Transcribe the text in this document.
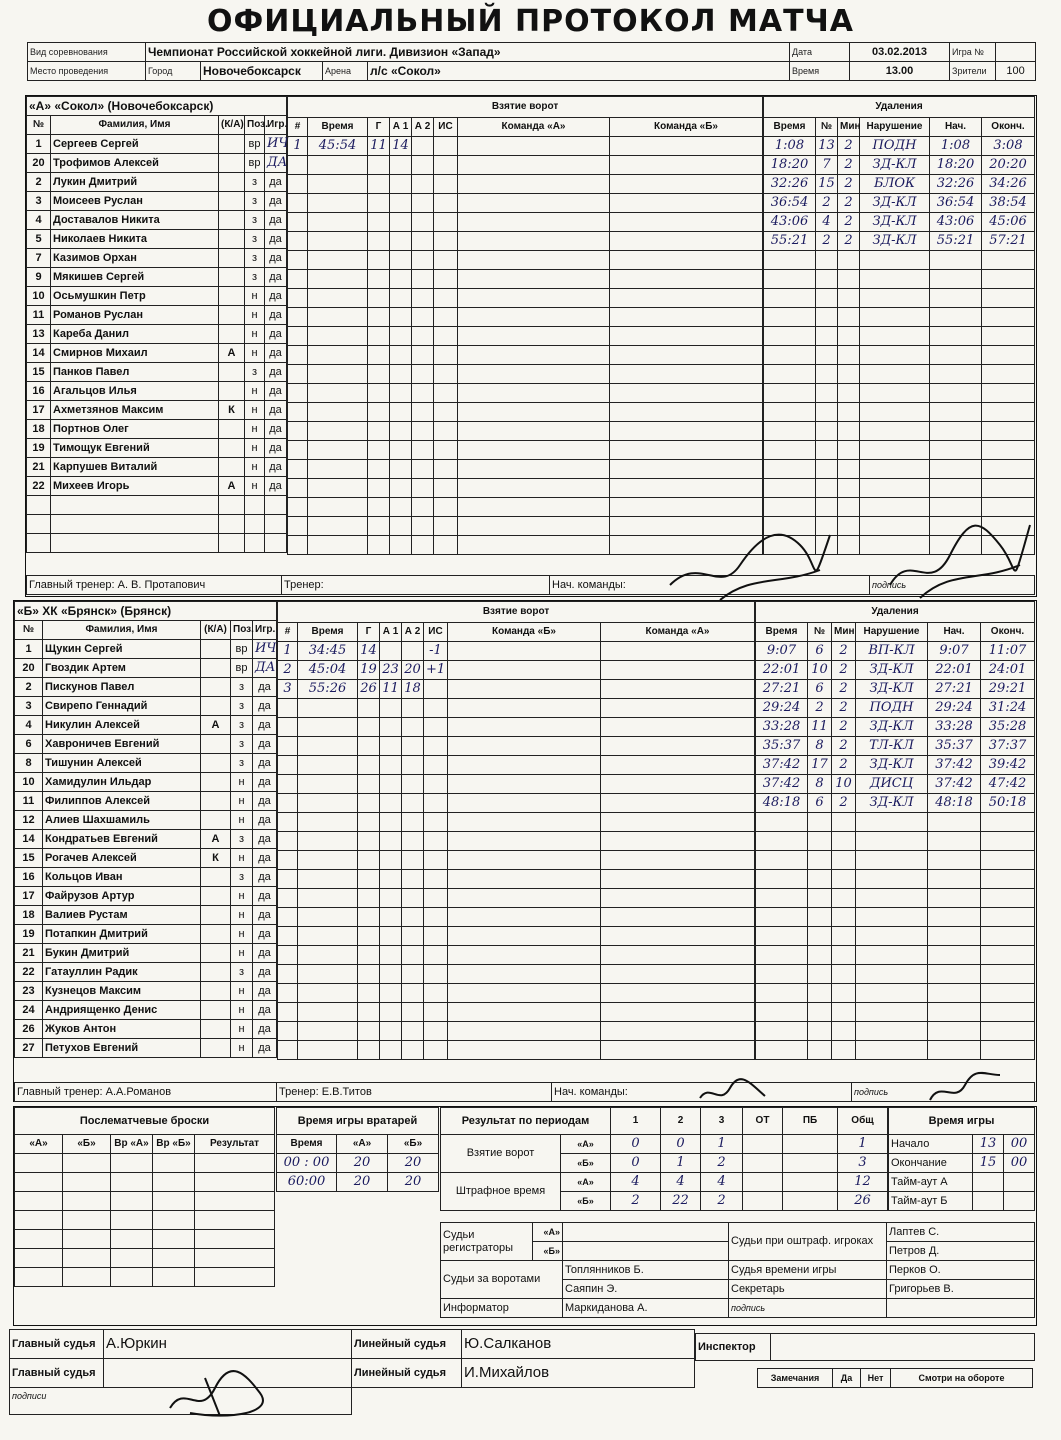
ОФИЦИАЛЬНЫЙ ПРОТОКОЛ МАТЧА
Вид соревнования	Чемпионат Российской хоккейной лиги. Дивизион «Запад»				Дата	03.02.2013	Игра №	
Место проведения	Город	Новочебоксарск	Арена	л/с «Сокол»	Время	13.00	Зрители	100
«А» «Сокол» (Новочебоксарск)				
№	Фамилия, Имя	(К/А)	Поз.	Игр.
1	Сергеев Сергей		вр	ИЧ
20	Трофимов Алексей		вр	ДА
2	Лукин Дмитрий		з	да
3	Моисеев Руслан		з	да
4	Доставалов Никита		з	да
5	Николаев Никита		з	да
7	Казимов Орхан		з	да
9	Мякишев Сергей		з	да
10	Осьмушкин Петр		н	да
11	Романов Руслан		н	да
13	Кареба Данил		н	да
14	Смирнов Михаил	А	н	да
15	Панков Павел		з	да
16	Агальцов Илья		н	да
17	Ахметзянов Максим	К	н	да
18	Портнов Олег		н	да
19	Тимощук Евгений		н	да
21	Карпушев Виталий		н	да
22	Михеев Игорь	А	н	да

Взятие ворот							
#	Время	Г	А 1	А 2	ИС	Команда «А»	Команда «Б»
1	45:54	11	14				

Удаления					
Время	№	Мин	Нарушение	Нач.	Оконч.
1:08	13	2	ПОДН	1:08	3:08
18:20	7	2	ЗД-КЛ	18:20	20:20
32:26	15	2	БЛОК	32:26	34:26
36:54	2	2	ЗД-КЛ	36:54	38:54
43:06	4	2	ЗД-КЛ	43:06	45:06
55:21	2	2	ЗД-КЛ	55:21	57:21

Главный тренер: А. В. Протапович	Тренер:	Нач. команды:	подпись
«Б» ХК «Брянск» (Брянск)				
№	Фамилия, Имя	(К/А)	Поз.	Игр.
1	Щукин Сергей		вр	ИЧ
20	Гвоздик Артем		вр	ДА
2	Пискунов Павел		з	да
3	Свирепо Геннадий		з	да
4	Никулин Алексей	А	з	да
6	Хавроничев Евгений		з	да
8	Тишунин Алексей		з	да
10	Хамидулин Ильдар		н	да
11	Филиппов Алексей		н	да
12	Алиев Шахшамиль		н	да
14	Кондратьев Евгений	А	з	да
15	Рогачев Алексей	К	н	да
16	Кольцов Иван		з	да
17	Файрузов Артур		н	да
18	Валиев Рустам		н	да
19	Потапкин Дмитрий		н	да
21	Букин Дмитрий		н	да
22	Гатауллин Радик		з	да
23	Кузнецов Максим		н	да
24	Андриященко Денис		н	да
26	Жуков Антон		н	да
27	Петухов Евгений		н	да
Взятие ворот							
#	Время	Г	А 1	А 2	ИС	Команда «Б»	Команда «А»
1	34:45	14			-1		
2	45:04	19	23	20	+1		
3	55:26	26	11	18			

Удаления					
Время	№	Мин	Нарушение	Нач.	Оконч.
9:07	6	2	ВП-КЛ	9:07	11:07
22:01	10	2	ЗД-КЛ	22:01	24:01
27:21	6	2	ЗД-КЛ	27:21	29:21
29:24	2	2	ПОДН	29:24	31:24
33:28	11	2	ЗД-КЛ	33:28	35:28
35:37	8	2	ТЛ-КЛ	35:37	37:37
37:42	17	2	ЗД-КЛ	37:42	39:42
37:42	8	10	ДИСЦ	37:42	47:42
48:18	6	2	ЗД-КЛ	48:18	50:18

Главный тренер: А.А.Романов	Тренер: Е.В.Титов	Нач. команды:	подпись
Послематчевые броски				
«А»	«Б»	Вр «А»	Вр «Б»	Результат

Время игры вратарей		
Время	«А»	«Б»
00 : 00	20	20
60:00	20	20
Результат по периодам		1	2	3	ОТ	ПБ	Общ
Взятие ворот	«А»	0	0	1			1
	«Б»	0	1	2			3
Штрафное время	«А»	4	4	4			12
	«Б»	2	22	2			26
Время игры		
Начало	13	00
Окончание	15	00
Тайм-аут А		
Тайм-аут Б		
Судьи регистраторы	«А»		Судьи при оштраф. игроках	Лаптев С.
	«Б»			Петров Д.
Судьи за воротами		Топлянников Б.	Судья времени игры	Перков О.
		Саяпин Э.	Секретарь	Григорьев В.
Информатор		Маркиданова А.	подпись	
Главный судья	А.Юркин	Линейный судья	Ю.Салканов
Главный судья		Линейный судья	И.Михайлов
подписи			
Инспектор	
Замечания	Да	Нет	Смотри на обороте
